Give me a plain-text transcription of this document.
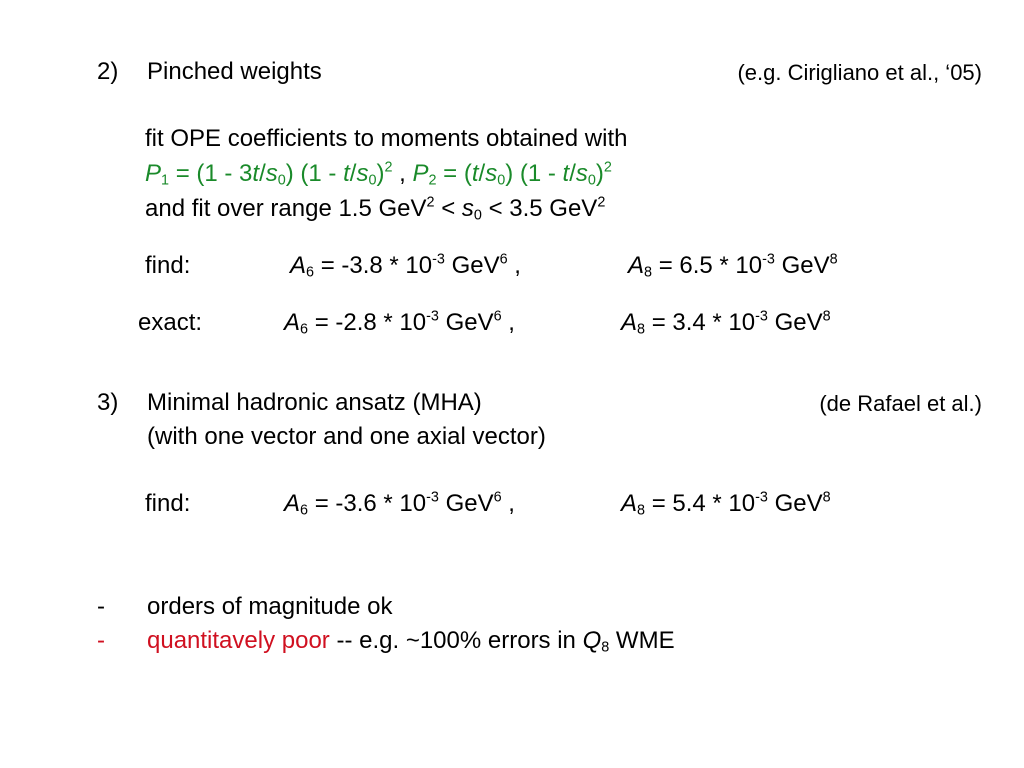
2) Pinched weights	(e.g. Cirigliano et al., ‘05)
fit OPE coefficients to moments obtained with
$P_1 = (1 - 3t/s_0)$ $(1 - t/s_0)^2$ , $P_2 = (t/s_0)$ $(1 - t/s_0)^2$
and fit over range 1.5 $GeV^2 < s_0 < 3.5$ GeV$^2$
find:	$A_6 = -3.8 * 10^{-3}$ GeV$^6$ ,	$A_8 = 6.5 * 10^{-3}$ GeV$^8$
exact:	$A_6 = -2.8 * 10^{-3}$ GeV$^6$ ,	$A_8 = 3.4 * 10^{-3}$ GeV$^8$
3) Minimal hadronic ansatz (MHA)	(de Rafael et al.)
(with one vector and one axial vector)
find:	$A_6 = -3.6 * 10^{-3}$ GeV$^6$ ,	$A_8 = 5.4 * 10^{-3}$ GeV$^8$
- orders of magnitude ok
- quantitavely poor -- e.g. ~100% errors in $Q_8$ WME
